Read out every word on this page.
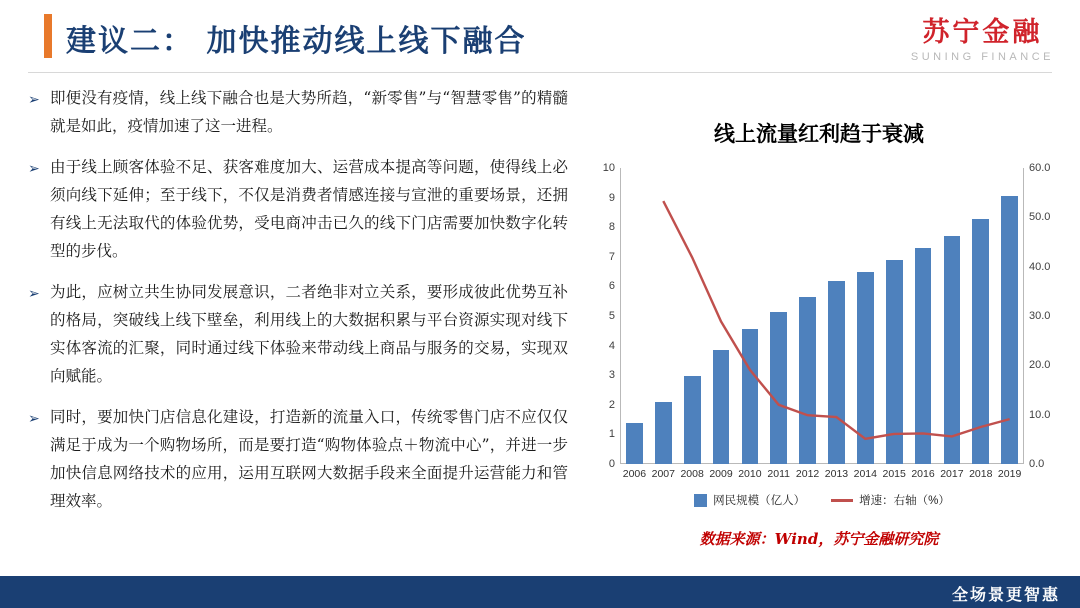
建议二： 加快推动线上线下融合	苏宁金融
SUNING FINANCE
➢ 即便没有疫情，线上线下融合也是大势所趋，“新零售”与“智慧零售”的精髓就是如此，疫情加速了这一进程。
➢ 由于线上顾客体验不足、获客难度加大、运营成本提高等问题，使得线上必须向线下延伸；至于线下，不仅是消费者情感连接与宣泄的重要场景，还拥有线上无法取代的体验优势，受电商冲击已久的线下门店需要加快数字化转型的步伐。
➢ 为此，应树立共生协同发展意识，二者绝非对立关系，要形成彼此优势互补的格局，突破线上线下壁垒，利用线上的大数据积累与平台资源实现对线下实体客流的汇聚，同时通过线下体验来带动线上商品与服务的交易，实现双向赋能。
➢ 同时，要加快门店信息化建设，打造新的流量入口，传统零售门店不应仅仅满足于成为一个购物场所，而是要打造“购物体验点＋物流中心”，并进一步加快信息网络技术的应用，运用互联网大数据手段来全面提升运营能力和管理效率。
线上流量红利趋于衰减
0
1
2
3
4
5
6
7
8
9
10
0.0
10.0
20.0
30.0
40.0
50.0
60.0
2006 2007 2008 2009 2010 2011 2012 2013 2014 2015 2016 2017 2018 2019
网民规模（亿人）	增速：右轴（%）
数据来源：Wind，苏宁金融研究院
全场景更智惠
